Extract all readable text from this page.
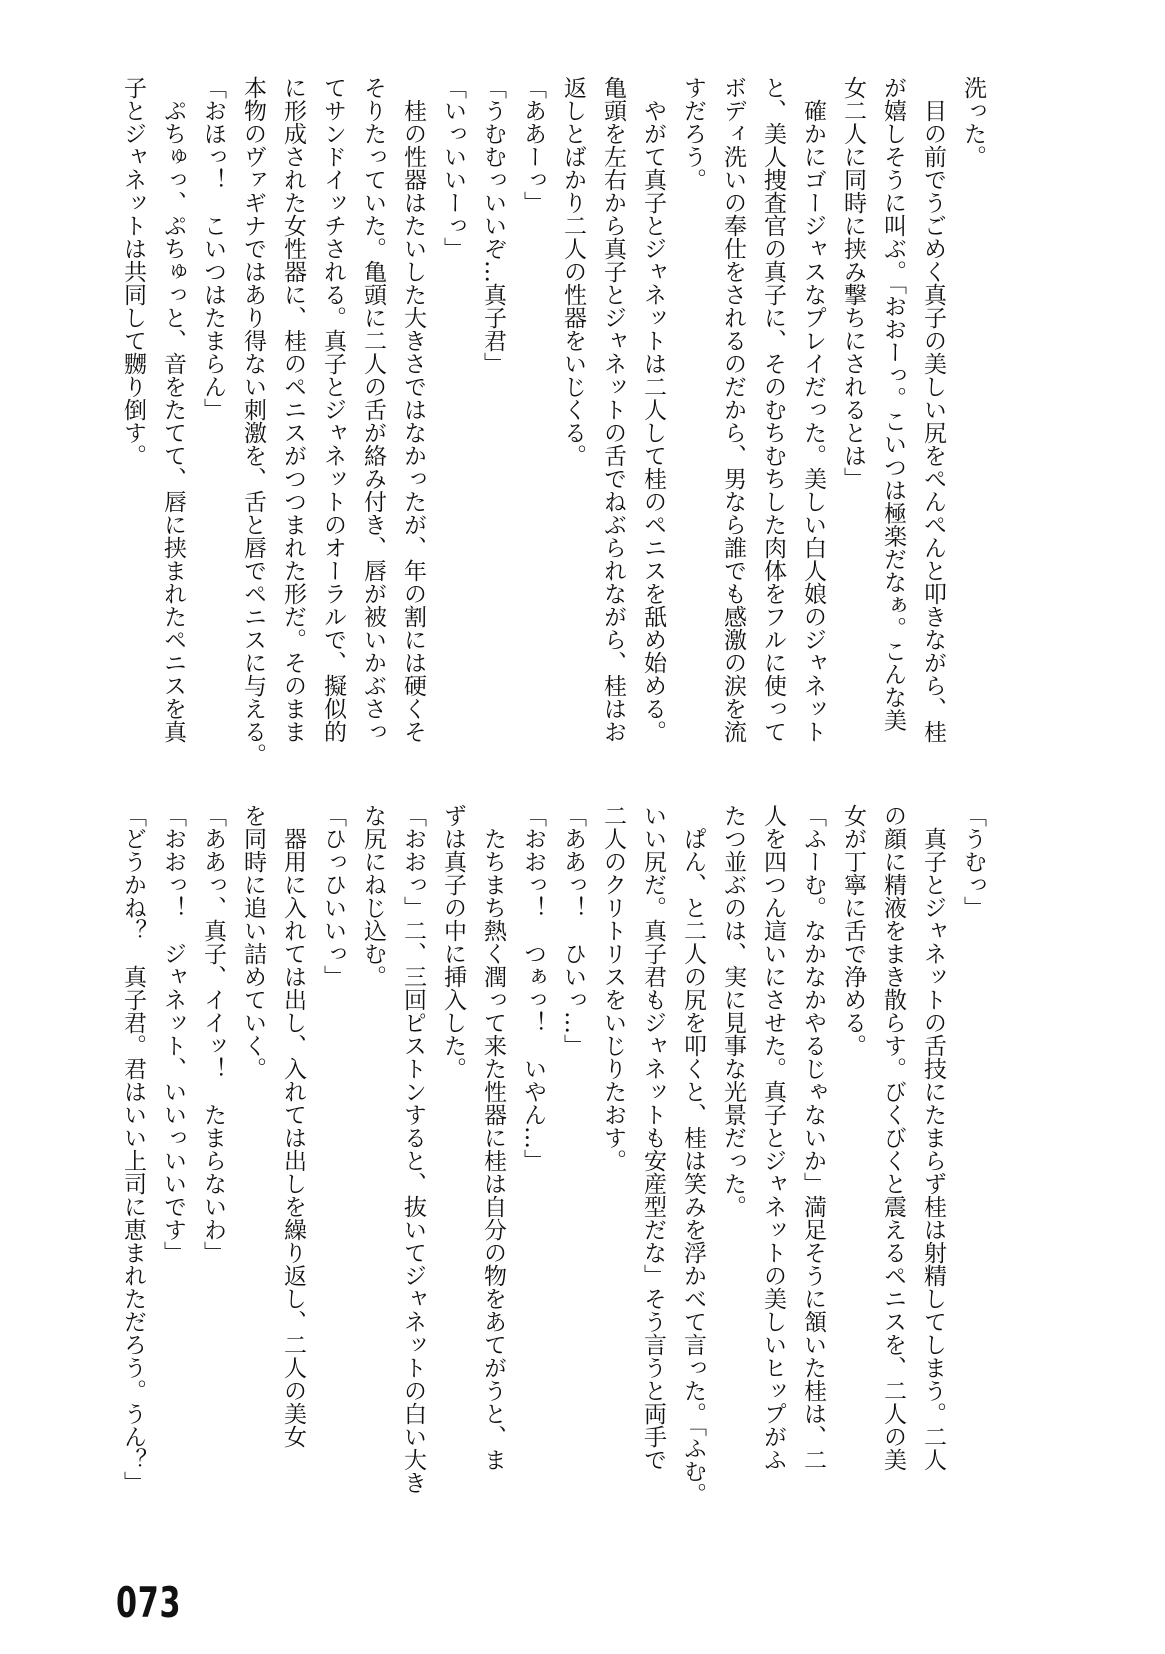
洗った。
　目の前でうごめく真子の美しい尻をぺんぺんと叩きながら、桂
が嬉しそうに叫ぶ。「おおーっ。こいつは極楽だなぁ。こんな美
女二人に同時に挟み撃ちにされるとは」
　確かにゴージャスなプレイだった。美しい白人娘のジャネット
と、美人捜査官の真子に、そのむちむちした肉体をフルに使って
ボディ洗いの奉仕をされるのだから、男なら誰でも感激の涙を流
すだろう。
　やがて真子とジャネットは二人して桂のペニスを舐め始める。
亀頭を左右から真子とジャネットの舌でねぶられながら、桂はお
返しとばかり二人の性器をいじくる。
「ああーっ」
「うむむっいいぞ…真子君」
「いっいいーっ」
　桂の性器はたいした大きさではなかったが、年の割には硬くそ
そりたっていた。亀頭に二人の舌が絡み付き、唇が被いかぶさっ
てサンドイッチされる。真子とジャネットのオーラルで、擬似的
に形成された女性器に、桂のペニスがつつまれた形だ。そのまま
本物のヴァギナではあり得ない刺激を、舌と唇でペニスに与える。
「おほっ！　こいつはたまらん」
　ぷちゅっ、ぷちゅっと、音をたてて、唇に挟まれたペニスを真
子とジャネットは共同して嬲り倒す。
「うむっ」
　真子とジャネットの舌技にたまらず桂は射精してしまう。二人
の顔に精液をまき散らす。びくびくと震えるペニスを、二人の美
女が丁寧に舌で浄める。
「ふーむ。なかなかやるじゃないか」満足そうに頷いた桂は、二
人を四つん這いにさせた。真子とジャネットの美しいヒップがふ
たつ並ぶのは、実に見事な光景だった。
　ぱん、と二人の尻を叩くと、桂は笑みを浮かべて言った。「ふむ。
いい尻だ。真子君もジャネットも安産型だな」そう言うと両手で
二人のクリトリスをいじりたおす。
「ああっ！　ひいっ…」
「おおっ！　つぁっ！　いやん…」
　たちまち熱く潤って来た性器に桂は自分の物をあてがうと、ま
ずは真子の中に挿入した。
「おおっ」二、三回ピストンすると、抜いてジャネットの白い大き
な尻にねじ込む。
「ひっひいいっ」
　器用に入れては出し、入れては出しを繰り返し、二人の美女
を同時に追い詰めていく。
「ああっ、真子、イイッ！　たまらないわ」
「おおっ！　ジャネット、いいっいいです」
「どうかね？　真子君。君はいい上司に恵まれただろう。うん？」
073
